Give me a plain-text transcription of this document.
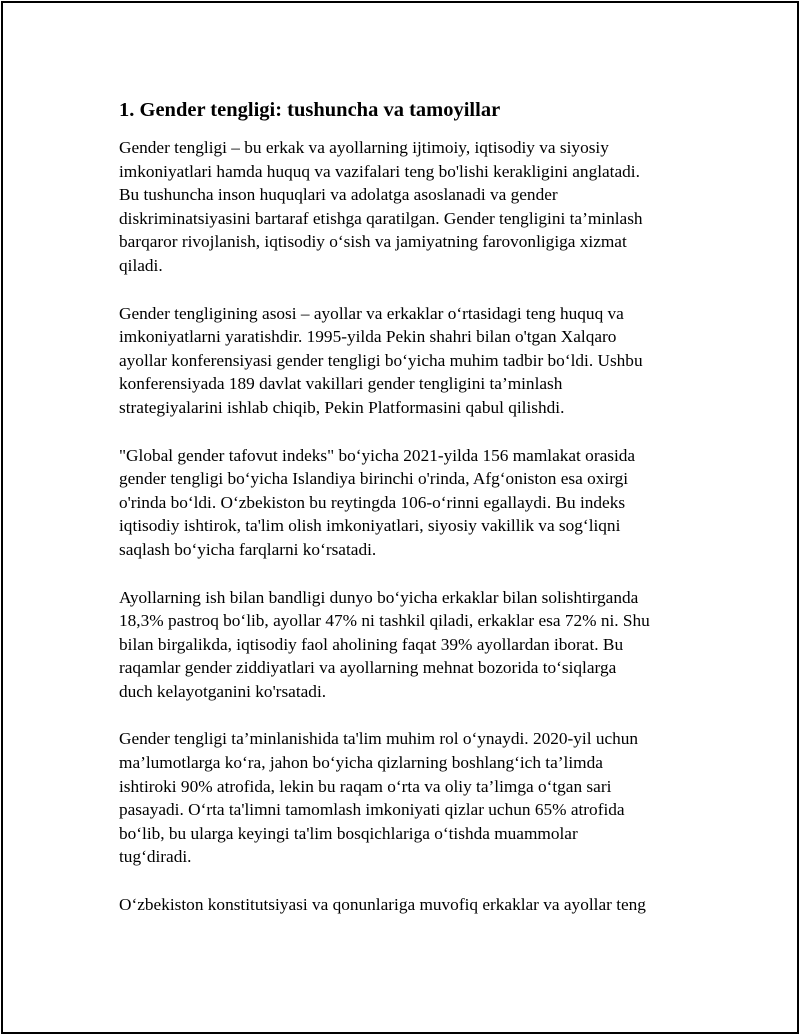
1. Gender tengligi: tushuncha va tamoyillar
Gender tengligi – bu erkak va ayollarning ijtimoiy, iqtisodiy va siyosiy
imkoniyatlari hamda huquq va vazifalari teng bo'lishi kerakligini anglatadi.
Bu tushuncha inson huquqlari va adolatga asoslanadi va gender
diskriminatsiyasini bartaraf etishga qaratilgan. Gender tengligini ta’minlash
barqaror rivojlanish, iqtisodiy o‘sish va jamiyatning farovonligiga xizmat
qiladi.
Gender tengligining asosi – ayollar va erkaklar o‘rtasidagi teng huquq va
imkoniyatlarni yaratishdir. 1995-yilda Pekin shahri bilan o'tgan Xalqaro
ayollar konferensiyasi gender tengligi bo‘yicha muhim tadbir bo‘ldi. Ushbu
konferensiyada 189 davlat vakillari gender tengligini ta’minlash
strategiyalarini ishlab chiqib, Pekin Platformasini qabul qilishdi.
"Global gender tafovut indeks" bo‘yicha 2021-yilda 156 mamlakat orasida
gender tengligi bo‘yicha Islandiya birinchi o'rinda, Afg‘oniston esa oxirgi
o'rinda bo‘ldi. O‘zbekiston bu reytingda 106-o‘rinni egallaydi. Bu indeks
iqtisodiy ishtirok, ta'lim olish imkoniyatlari, siyosiy vakillik va sog‘liqni
saqlash bo‘yicha farqlarni ko‘rsatadi.
Ayollarning ish bilan bandligi dunyo bo‘yicha erkaklar bilan solishtirganda
18,3% pastroq bo‘lib, ayollar 47% ni tashkil qiladi, erkaklar esa 72% ni. Shu
bilan birgalikda, iqtisodiy faol aholining faqat 39% ayollardan iborat. Bu
raqamlar gender ziddiyatlari va ayollarning mehnat bozorida to‘siqlarga
duch kelayotganini ko'rsatadi.
Gender tengligi ta’minlanishida ta'lim muhim rol o‘ynaydi. 2020-yil uchun
ma’lumotlarga ko‘ra, jahon bo‘yicha qizlarning boshlang‘ich ta’limda
ishtiroki 90% atrofida, lekin bu raqam o‘rta va oliy ta’limga o‘tgan sari
pasayadi. O‘rta ta'limni tamomlash imkoniyati qizlar uchun 65% atrofida
bo‘lib, bu ularga keyingi ta'lim bosqichlariga o‘tishda muammolar
tug‘diradi.
O‘zbekiston konstitutsiyasi va qonunlariga muvofiq erkaklar va ayollar teng
